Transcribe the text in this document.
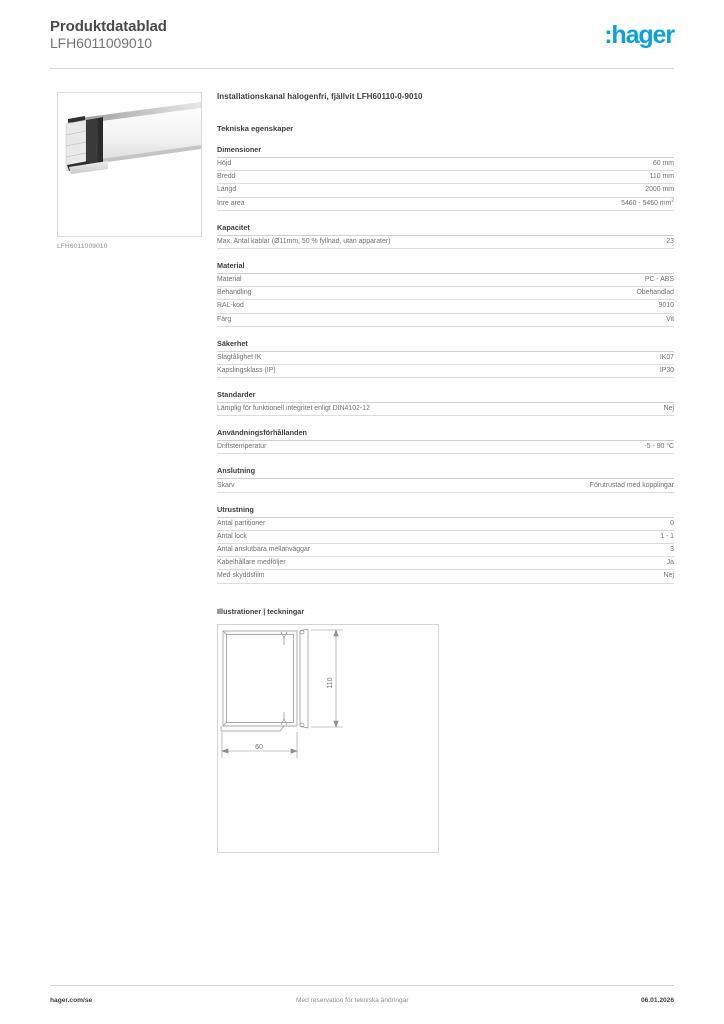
Produktdatablad
LFH6011009010	:hager
LFH6011009010
Installationskanal halogenfri, fjällvit LFH60110-0-9010
Tekniska egenskaper
Dimensioner
Höjd	60 mm
Bredd	110 mm
Längd	2000 mm
Inre area	5460 - 5460 $mm^2$
Kapacitet
Max. Antal kablar (Ø11mm, 50 % fyllnad, utan apparater)	23
Material
Material	PC - ABS
Behandling	Obehandlad
RAL-kod	9010
Färg	Vit
Säkerhet
Slagtålighet IK	IK07
Kapslingsklass (IP)	IP30
Standarder
Lämplig för funktionell integritet enligt DIN4102-12	Nej
Användningsförhållanden
Driftstemperatur	-5 - 90 °C
Anslutning
Skarv	Förutrustad med kopplingar
Utrustning
Antal partitioner	0
Antal lock	1 - 1
Antal anslutbara mellanväggar	3
Kabelhållare medföljer	Ja
Med skyddsfilm	Nej
Illustrationer | teckningar
110
60
hager.com/se	Med reservation för tekniska ändringar	06.01.2026
